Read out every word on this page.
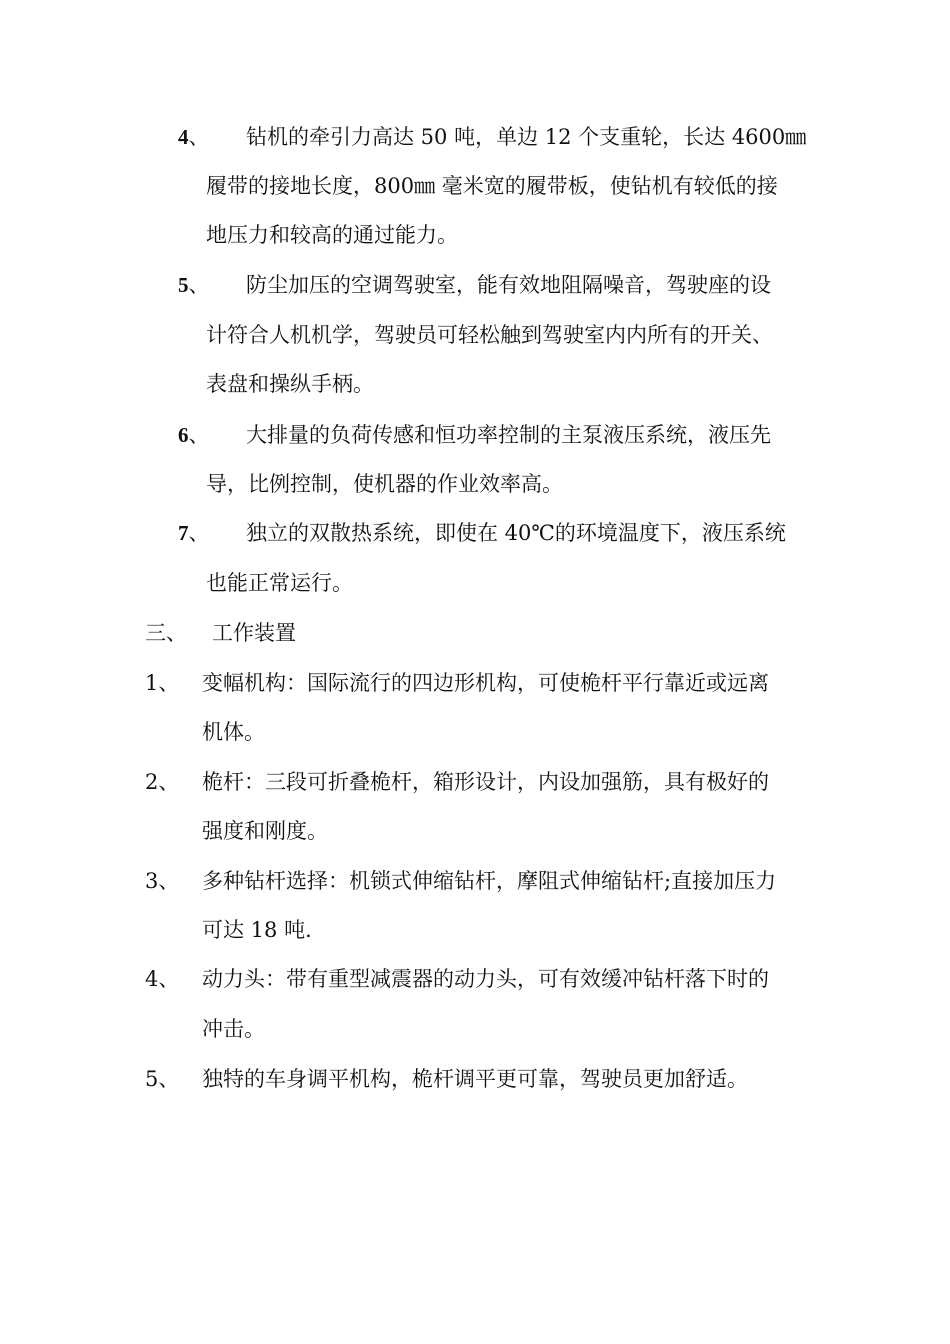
4、 钻机的牵引力高达 50 吨，单边 12 个支重轮，长达 4600㎜
履带的接地长度，800㎜ 毫米宽的履带板，使钻机有较低的接
地压力和较高的通过能力。
5、 防尘加压的空调驾驶室，能有效地阻隔噪音，驾驶座的设
计符合人机机学，驾驶员可轻松触到驾驶室内内所有的开关、
表盘和操纵手柄。
6、 大排量的负荷传感和恒功率控制的主泵液压系统，液压先
导，比例控制，使机器的作业效率高。
7、 独立的双散热系统，即使在 40℃的环境温度下，液压系统
也能正常运行。
三、 工作装置
1、 变幅机构：国际流行的四边形机构，可使桅杆平行靠近或远离
机体。
2、 桅杆：三段可折叠桅杆，箱形设计，内设加强筋，具有极好的
强度和刚度。
3、 多种钻杆选择：机锁式伸缩钻杆，摩阻式伸缩钻杆;直接加压力
可达 18 吨.
4、 动力头：带有重型减震器的动力头，可有效缓冲钻杆落下时的
冲击。
5、 独特的车身调平机构，桅杆调平更可靠，驾驶员更加舒适。
